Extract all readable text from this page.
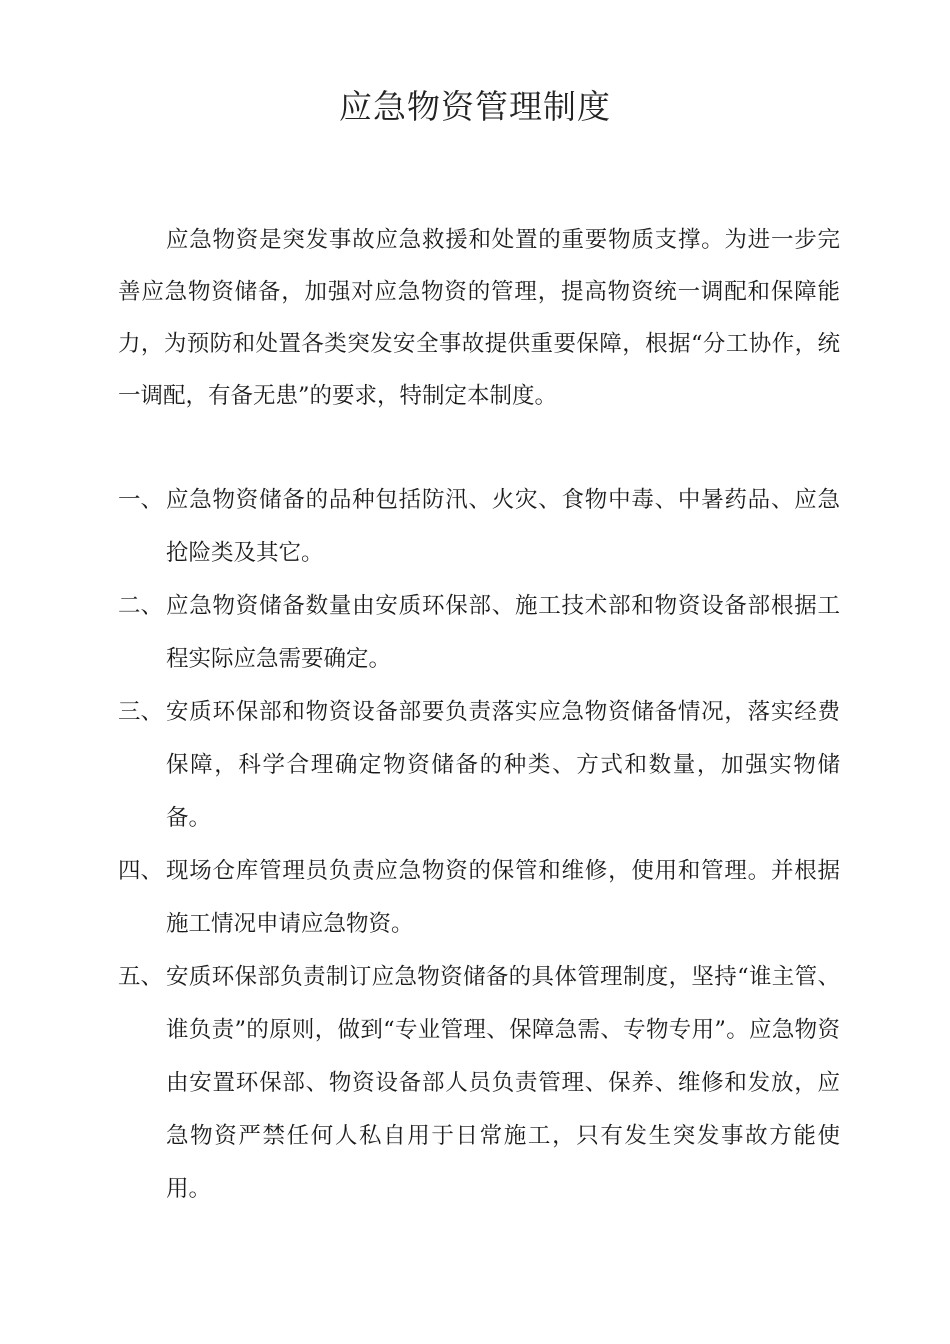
应急物资管理制度

应急物资是突发事故应急救援和处置的重要物质支撑。为进一步完善应急物资储备，加强对应急物资的管理，提高物资统一调配和保障能力，为预防和处置各类突发安全事故提供重要保障，根据“分工协作，统一调配，有备无患”的要求，特制定本制度。

一、 应急物资储备的品种包括防汛、火灾、食物中毒、中暑药品、应急抢险类及其它。
二、 应急物资储备数量由安质环保部、施工技术部和物资设备部根据工程实际应急需要确定。
三、 安质环保部和物资设备部要负责落实应急物资储备情况，落实经费保障，科学合理确定物资储备的种类、方式和数量，加强实物储备。
四、 现场仓库管理员负责应急物资的保管和维修，使用和管理。并根据施工情况申请应急物资。
五、 安质环保部负责制订应急物资储备的具体管理制度，坚持“谁主管、谁负责”的原则，做到“专业管理、保障急需、专物专用”。应急物资由安置环保部、物资设备部人员负责管理、保养、维修和发放，应急物资严禁任何人私自用于日常施工，只有发生突发事故方能使用。
